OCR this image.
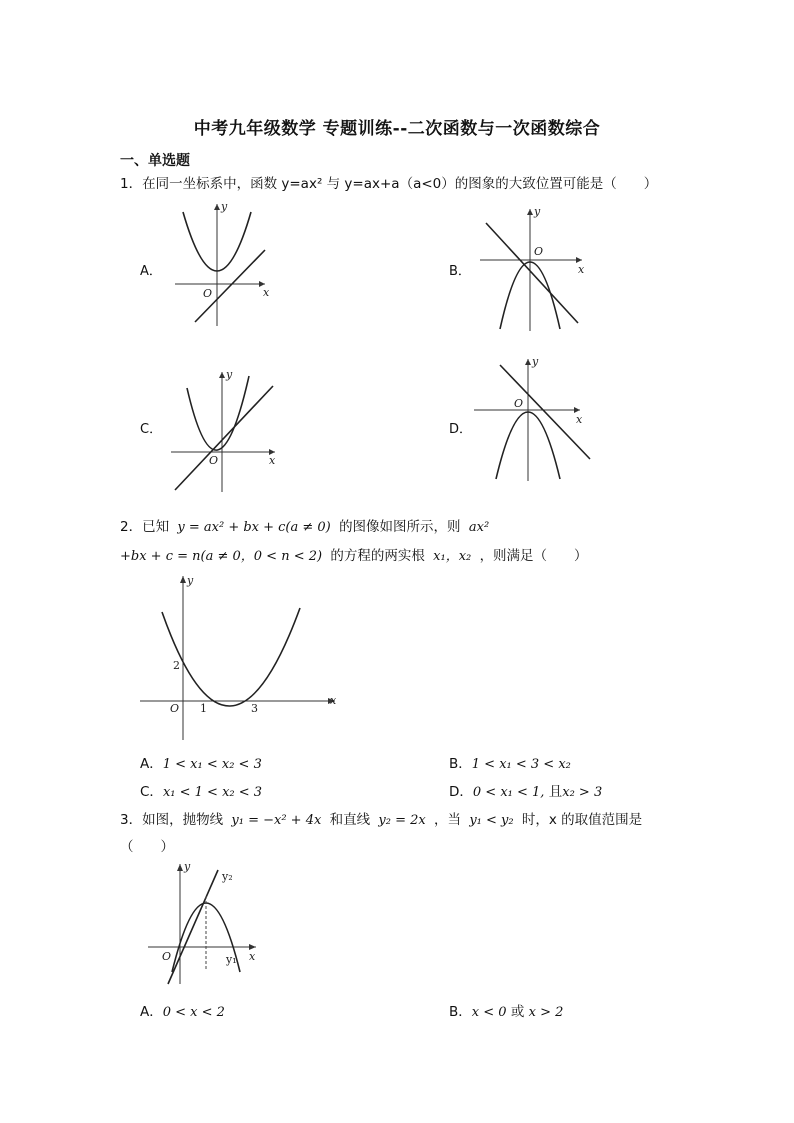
中考九年级数学 专题训练--二次函数与一次函数综合
一、单选题
1．在同一坐标系中，函数 y=ax² 与 y=ax+a（a<0）的图象的大致位置可能是（　　）
A．	B．
C．	D．
O	x
y
O
x
y
O	x
y
O
x
y
2．已知 y = ax² + bx + c(a ≠ 0) 的图像如图所示，则 ax²
+bx + c = n(a ≠ 0，0 < n < 2) 的方程的两实根 x₁，x₂ ，则满足（　　）
x
y
O 1	3
2
A．1 < x₁ < x₂ < 3	B．1 < x₁ < 3 < x₂
C．x₁ < 1 < x₂ < 3	D．0 < x₁ < 1, 且x₂ > 3
3．如图，抛物线 y₁ = −x² + 4x 和直线 y₂ = 2x ，当 y₁ < y₂ 时，x 的取值范围是
（　　）
y
O	x
y₂
y₁
A．0 < x < 2	B．x < 0 或 x > 2
